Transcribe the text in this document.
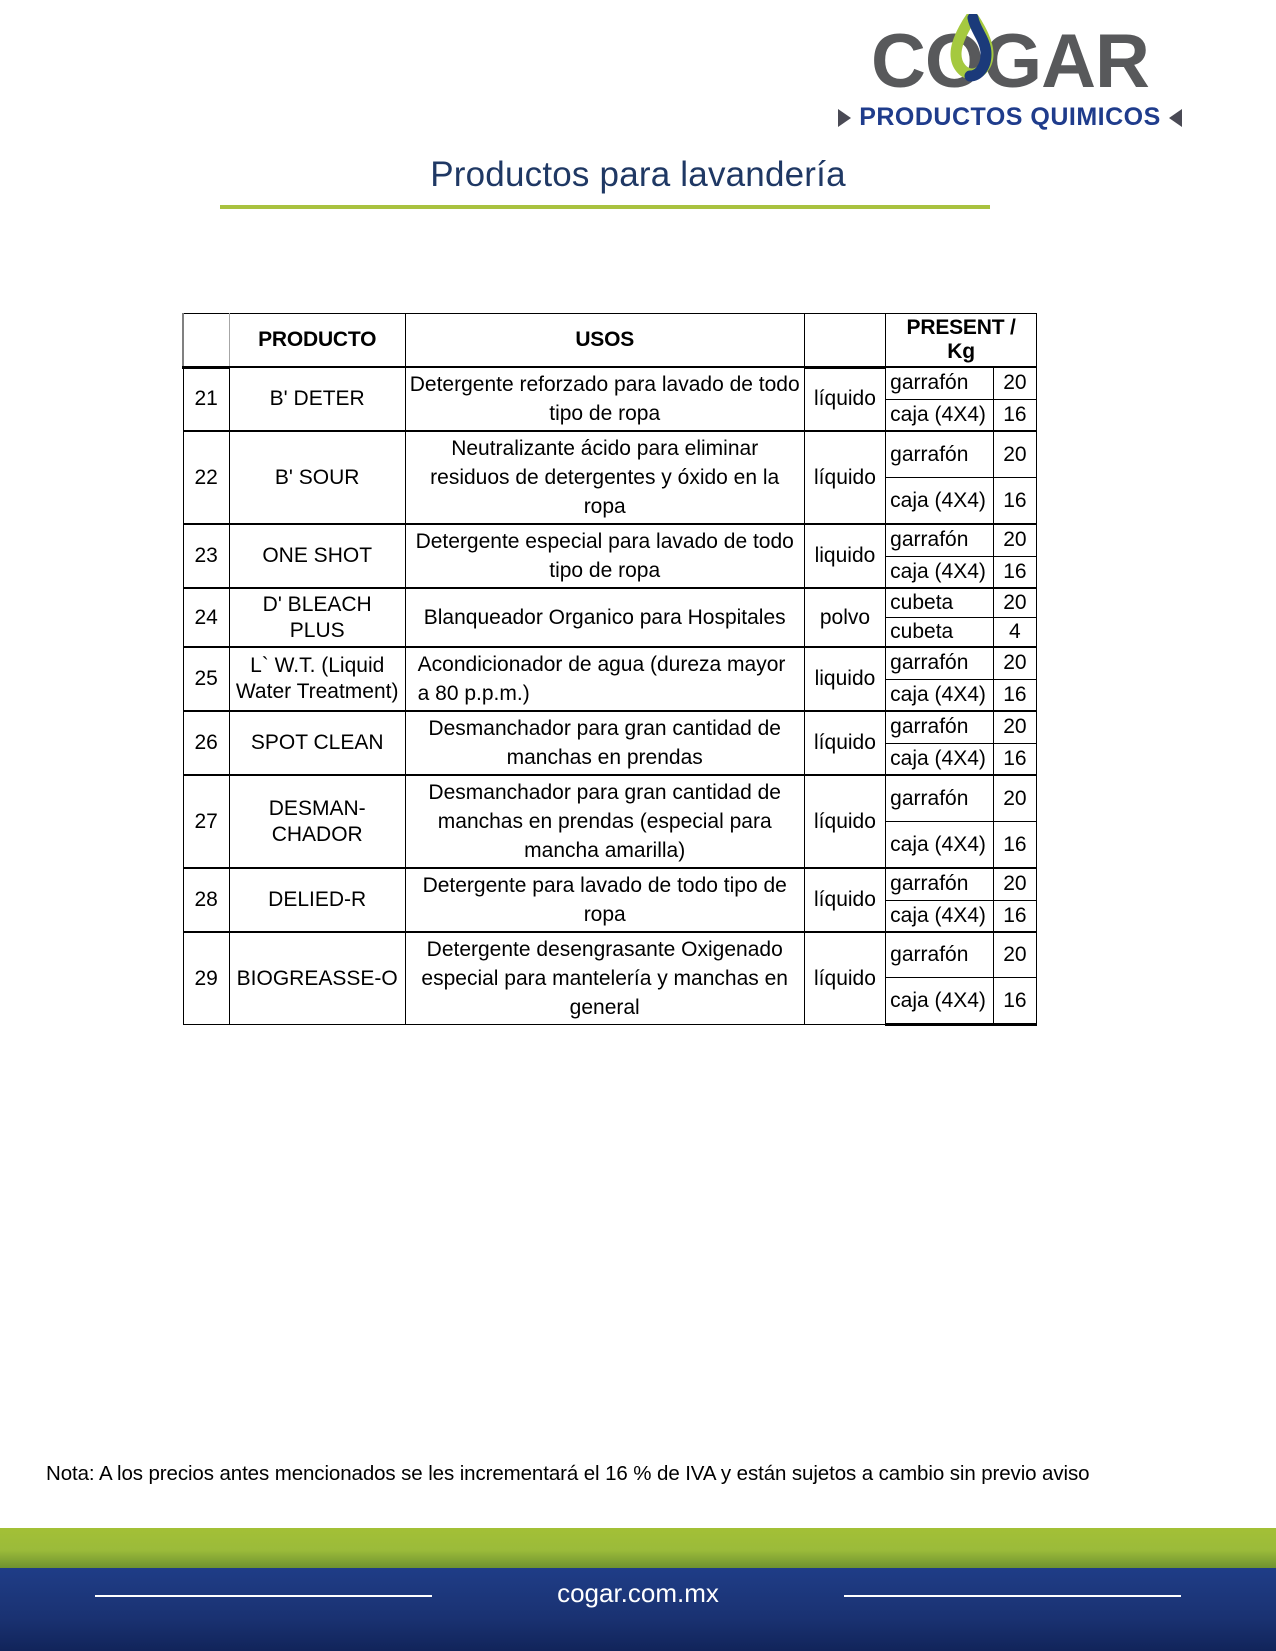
COGAR
PRODUCTOS QUIMICOS
Productos para lavandería
	PRODUCTO	USOS		PRESENT / Kg	
21	B' DETER	Detergente reforzado para lavado de todo tipo de ropa	líquido	garrafón	20
				caja (4X4)	16
22	B' SOUR	Neutralizante ácido para eliminar residuos de detergentes y óxido en la ropa	líquido	garrafón	20
				caja (4X4)	16
23	ONE SHOT	Detergente especial para lavado de todo tipo de ropa	liquido	garrafón	20
				caja (4X4)	16
24	D' BLEACH PLUS	Blanqueador Organico para Hospitales	polvo	cubeta	20
				cubeta	4
25	L` W.T. (Liquid Water Treatment)	Acondicionador de agua (dureza mayor a 80 p.p.m.)	liquido	garrafón	20
				caja (4X4)	16
26	SPOT CLEAN	Desmanchador para gran cantidad de manchas en prendas	líquido	garrafón	20
				caja (4X4)	16
27	DESMAN-CHADOR	Desmanchador para gran cantidad de manchas en prendas (especial para mancha amarilla)	líquido	garrafón	20
				caja (4X4)	16
28	DELIED-R	Detergente para lavado de todo tipo de ropa	líquido	garrafón	20
				caja (4X4)	16
29	BIOGREASSE-O	Detergente desengrasante Oxigenado especial para mantelería y manchas en general	líquido	garrafón	20
				caja (4X4)	16
Nota: A los precios antes mencionados se les incrementará el 16 % de IVA y están sujetos a cambio sin previo aviso
cogar.com.mx
